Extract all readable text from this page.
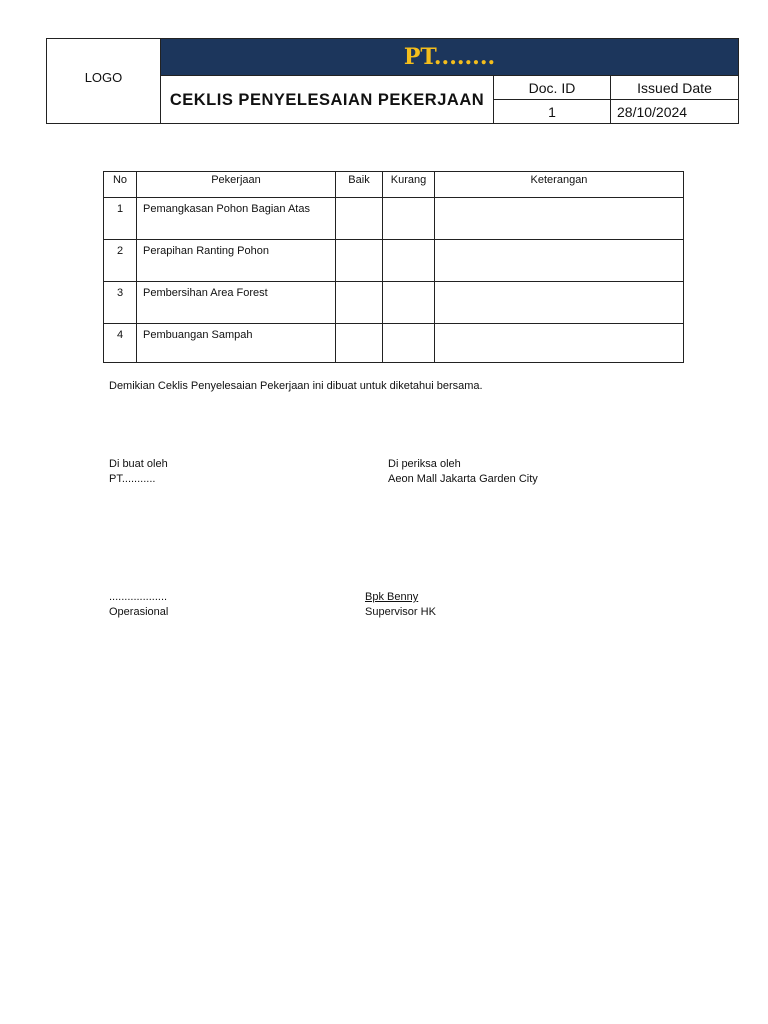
LOGO	PT........		
	CEKLIS PENYELESAIAN PEKERJAAN	Doc. ID	Issued Date
		1	28/10/2024
No	Pekerjaan	Baik	Kurang	Keterangan
1	Pemangkasan Pohon Bagian Atas			
2	Perapihan Ranting Pohon			
3	Pembersihan Area Forest			
4	Pembuangan Sampah			
Demikian Ceklis Penyelesaian Pekerjaan ini dibuat untuk diketahui bersama.
Di buat oleh
PT...........
Di periksa oleh
Aeon Mall Jakarta Garden City
...................
Operasional
Bpk Benny
Supervisor HK
